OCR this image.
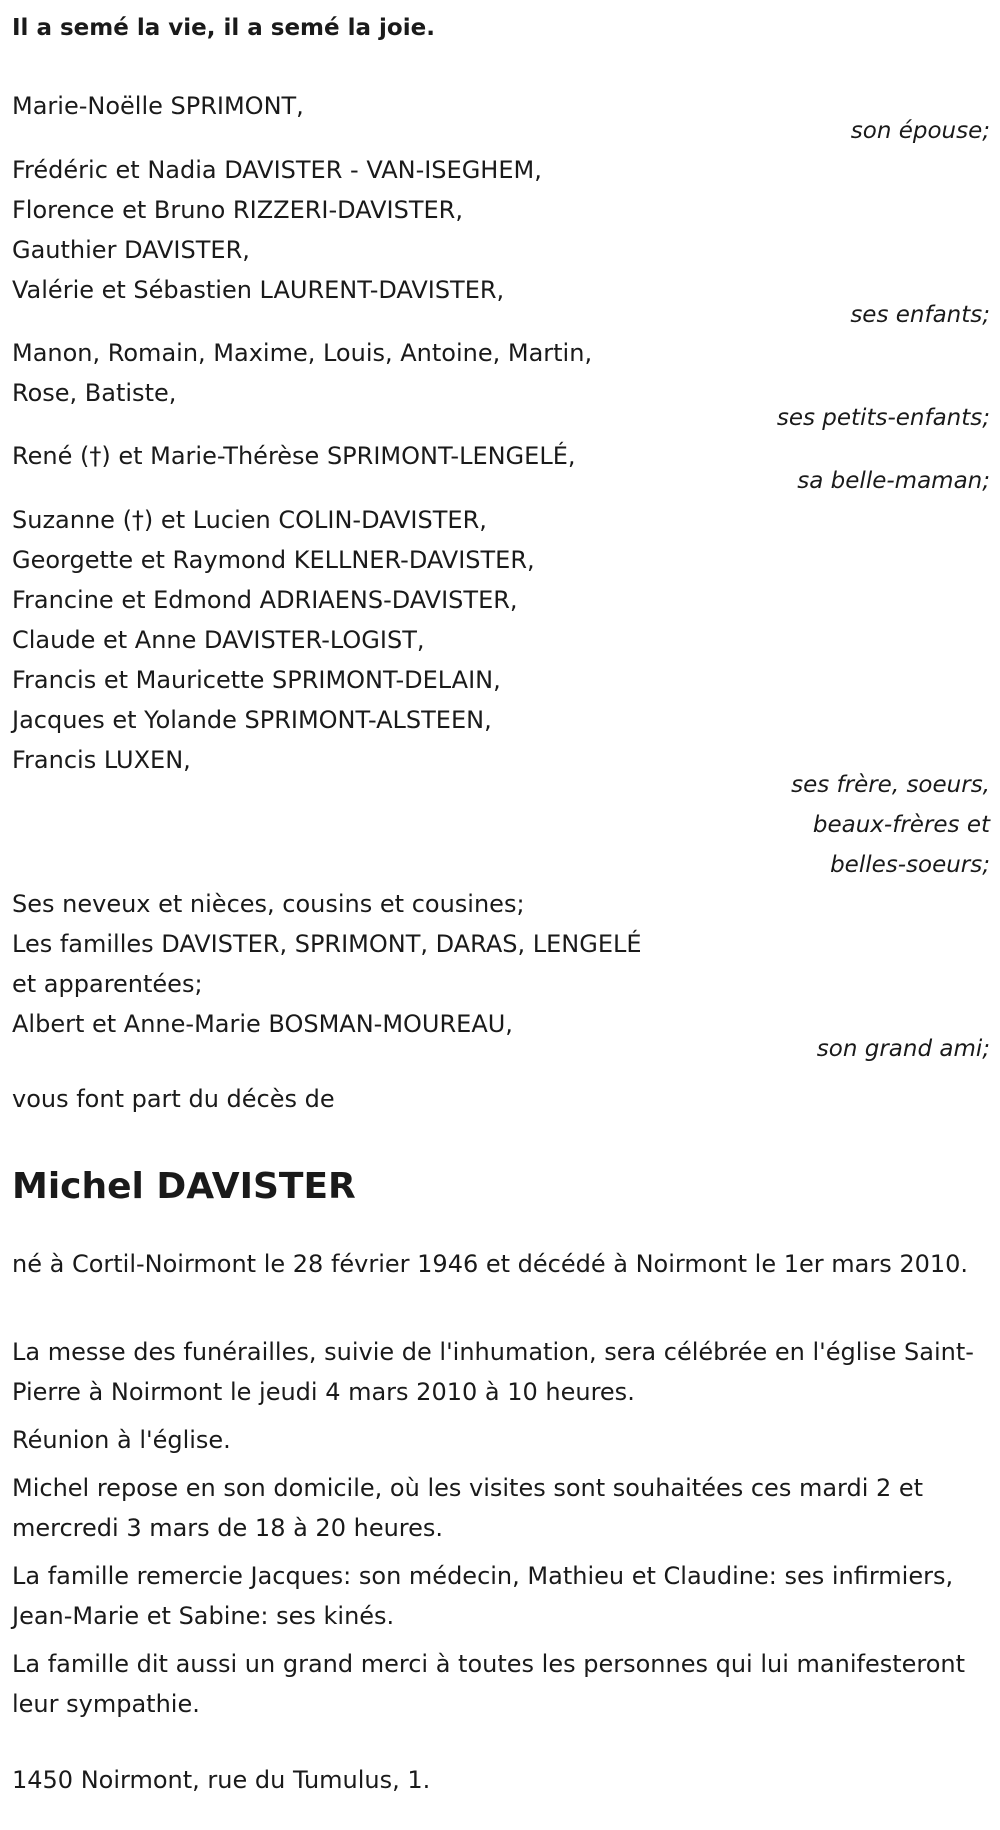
Il a semé la vie, il a semé la joie.
Marie-Noëlle SPRIMONT,
son épouse;
Frédéric et Nadia DAVISTER - VAN-ISEGHEM,
Florence et Bruno RIZZERI-DAVISTER,
Gauthier DAVISTER,
Valérie et Sébastien LAURENT-DAVISTER,
ses enfants;
Manon, Romain, Maxime, Louis, Antoine, Martin,
Rose, Batiste,
ses petits-enfants;
René (†) et Marie-Thérèse SPRIMONT-LENGELÉ,
sa belle-maman;
Suzanne (†) et Lucien COLIN-DAVISTER,
Georgette et Raymond KELLNER-DAVISTER,
Francine et Edmond ADRIAENS-DAVISTER,
Claude et Anne DAVISTER-LOGIST,
Francis et Mauricette SPRIMONT-DELAIN,
Jacques et Yolande SPRIMONT-ALSTEEN,
Francis LUXEN,
ses frère, soeurs,
beaux-frères et
belles-soeurs;
Ses neveux et nièces, cousins et cousines;
Les familles DAVISTER, SPRIMONT, DARAS, LENGELÉ
et apparentées;
Albert et Anne-Marie BOSMAN-MOUREAU,
son grand ami;
vous font part du décès de
Michel DAVISTER
né à Cortil-Noirmont le 28 février 1946 et décédé à Noirmont le 1er mars 2010.
La messe des funérailles, suivie de l'inhumation, sera célébrée en l'église Saint-Pierre à Noirmont le jeudi 4 mars 2010 à 10 heures.
Réunion à l'église.
Michel repose en son domicile, où les visites sont souhaitées ces mardi 2 et mercredi 3 mars de 18 à 20 heures.
La famille remercie Jacques: son médecin, Mathieu et Claudine: ses infirmiers, Jean-Marie et Sabine: ses kinés.
La famille dit aussi un grand merci à toutes les personnes qui lui manifesteront leur sympathie.
1450 Noirmont, rue du Tumulus, 1.
